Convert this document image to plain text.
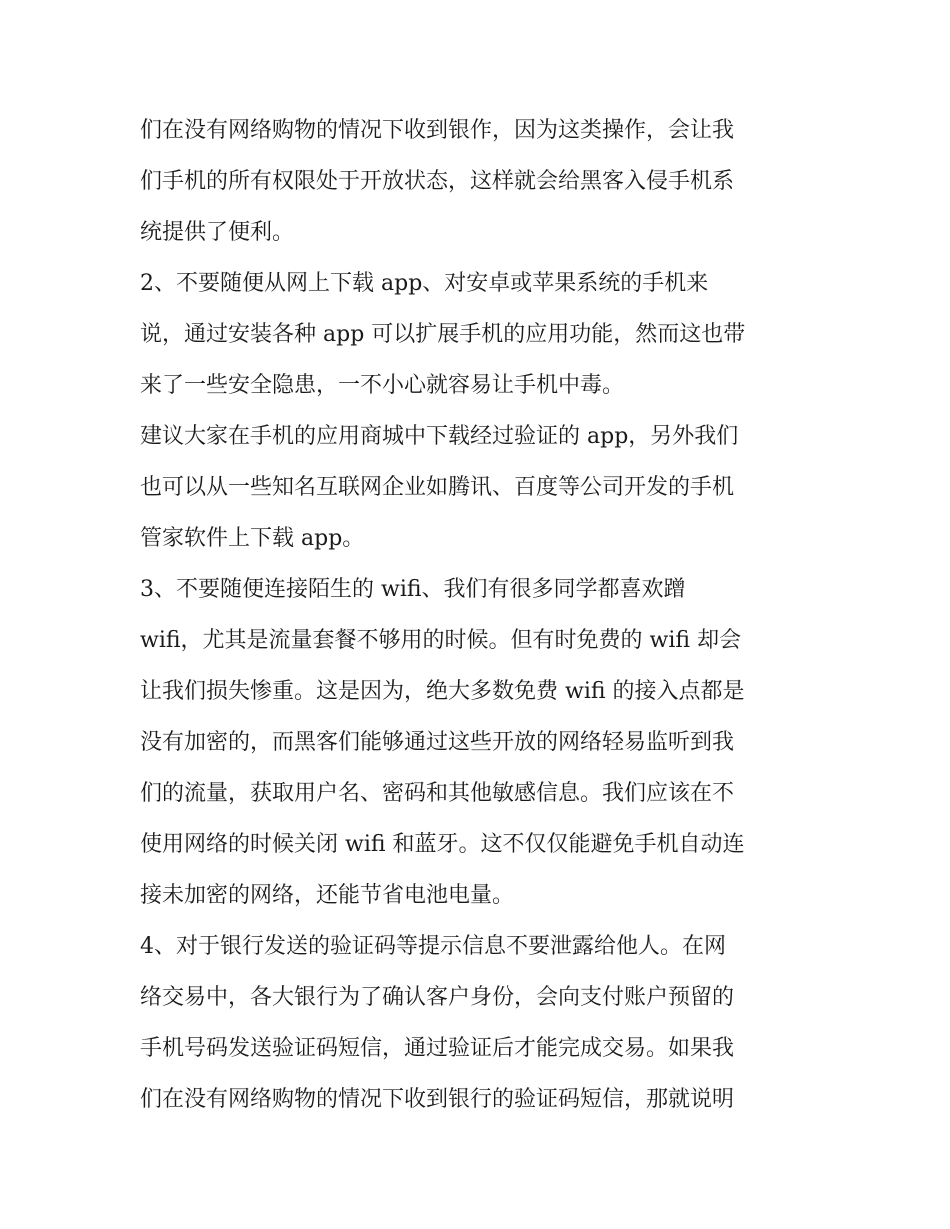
们在没有网络购物的情况下收到银作，因为这类操作，会让我
们手机的所有权限处于开放状态，这样就会给黑客入侵手机系
统提供了便利。
2、不要随便从网上下载 app、对安卓或苹果系统的手机来
说，通过安装各种 app 可以扩展手机的应用功能，然而这也带
来了一些安全隐患，一不小心就容易让手机中毒。
建议大家在手机的应用商城中下载经过验证的 app，另外我们
也可以从一些知名互联网企业如腾讯、百度等公司开发的手机
管家软件上下载 app。
3、不要随便连接陌生的 wifi、我们有很多同学都喜欢蹭
wifi，尤其是流量套餐不够用的时候。但有时免费的 wifi 却会
让我们损失惨重。这是因为，绝大多数免费 wifi 的接入点都是
没有加密的，而黑客们能够通过这些开放的网络轻易监听到我
们的流量，获取用户名、密码和其他敏感信息。我们应该在不
使用网络的时候关闭 wifi 和蓝牙。这不仅仅能避免手机自动连
接未加密的网络，还能节省电池电量。
4、对于银行发送的验证码等提示信息不要泄露给他人。在网
络交易中，各大银行为了确认客户身份，会向支付账户预留的
手机号码发送验证码短信，通过验证后才能完成交易。如果我
们在没有网络购物的情况下收到银行的验证码短信，那就说明
